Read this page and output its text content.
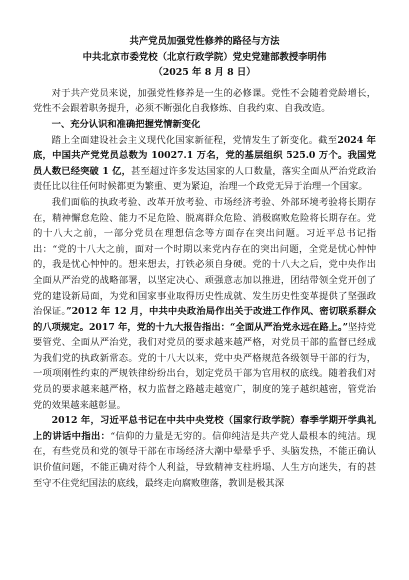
共产党员加强党性修养的路径与方法
中共北京市委党校（北京行政学院）党史党建部教授李明伟
（2025 年 8 月 8 日）

对于共产党员来说，加强党性修养是一生的必修课。党性不会随着党龄增长，党性不会跟着职务提升，必须不断强化自我修炼、自我约束、自我改造。

一、充分认识和准确把握党情新变化

踏上全面建设社会主义现代化国家新征程，党情发生了新变化。截至2024 年底，中国共产党党员总数为 10027.1 万名，党的基层组织 525.0 万个。我国党员人数已经突破 1 亿，甚至超过许多发达国家的人口数量，落实全面从严治党政治责任比以往任何时候都更为繁重、更为紧迫，治理一个政党无异于治理一个国家。

我们面临的执政考验、改革开放考验、市场经济考验、外部环境考验将长期存在，精神懈怠危险、能力不足危险、脱离群众危险、消极腐败危险将长期存在。党的十八大之前，一部分党员在理想信念等方面存在突出问题。习近平总书记指出：“党的十八大之前，面对一个时期以来党内存在的突出问题，全党是忧心忡忡的，我是忧心忡忡的。想来想去，打铁必须自身硬。党的十八大之后，党中央作出全面从严治党的战略部署，以坚定决心、顽强意志加以推进，团结带领全党开创了党的建设新局面，为党和国家事业取得历史性成就、发生历史性变革提供了坚强政治保证。”2012 年 12 月，中共中央政治局作出关于改进工作作风、密切联系群众的八项规定。2017 年，党的十九大报告指出：“全面从严治党永远在路上。”坚持党要管党、全面从严治党，我们对党员的要求越来越严格，对党员干部的监督已经成为我们党的执政新常态。党的十八大以来，党中央严格规范各级领导干部的行为，一项项刚性约束的严规铁律纷纷出台，划定党员干部为官用权的底线。随着我们对党员的要求越来越严格，权力监督之路越走越宽广，制度的笼子越织越密，管党治党的效果越来越彰显。

2012 年，习近平总书记在中共中央党校（国家行政学院）春季学期开学典礼上的讲话中指出：“信仰的力量是无穷的。信仰纯洁是共产党人最根本的纯洁。现在，有些党员和党的领导干部在市场经济大潮中晕晕乎乎、头脑发热，不能正确认识价值问题，不能正确对待个人利益，导致精神支柱坍塌、人生方向迷失，有的甚至守不住党纪国法的底线，最终走向腐败堕落，教训是极其深
